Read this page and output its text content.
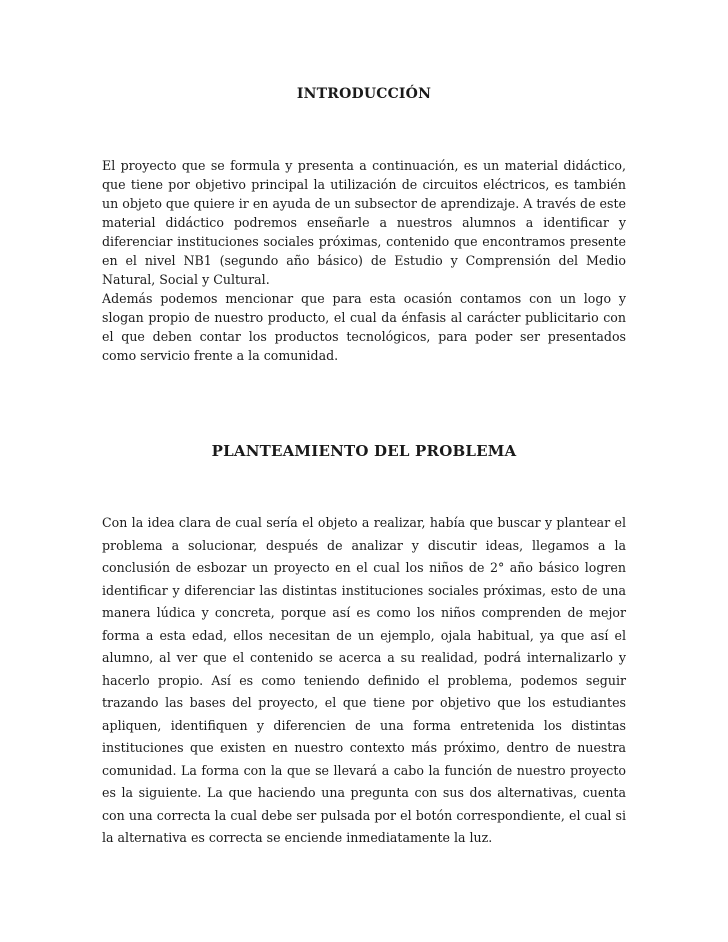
INTRODUCCIÓN

El proyecto que se formula y presenta a continuación, es un material didáctico, que tiene por objetivo principal la utilización de circuitos eléctricos, es también un objeto que quiere ir en ayuda de un subsector de aprendizaje. A través de este material didáctico podremos enseñarle a nuestros alumnos a identificar y diferenciar instituciones sociales próximas, contenido que encontramos presente en el nivel NB1 (segundo año básico) de Estudio y Comprensión del Medio Natural, Social y Cultural.

Además podemos mencionar que para esta ocasión contamos con un logo y slogan propio de nuestro producto, el cual da énfasis al carácter publicitario con el que deben contar los productos tecnológicos, para poder ser presentados como servicio frente a la comunidad.

PLANTEAMIENTO DEL PROBLEMA

Con la idea clara de cual sería el objeto a realizar, había que buscar y plantear el problema a solucionar, después de analizar y discutir ideas, llegamos a la conclusión de esbozar un proyecto en el cual los niños de 2° año básico logren identificar y diferenciar las distintas instituciones sociales próximas, esto de una manera lúdica y concreta, porque así es como los niños comprenden de mejor forma a esta edad, ellos necesitan de un ejemplo, ojala habitual, ya que así el alumno, al ver que el contenido se acerca a su realidad, podrá internalizarlo y hacerlo propio. Así es como teniendo definido el problema, podemos seguir trazando las bases del proyecto, el que tiene por objetivo que los estudiantes apliquen, identifiquen y diferencien de una forma entretenida los distintas instituciones que existen en nuestro contexto más próximo, dentro de nuestra comunidad. La forma con la que se llevará a cabo la función de nuestro proyecto es la siguiente. La que haciendo una pregunta con sus dos alternativas, cuenta con una correcta la cual debe ser pulsada por el botón correspondiente, el cual si la alternativa es correcta se enciende inmediatamente la luz.
